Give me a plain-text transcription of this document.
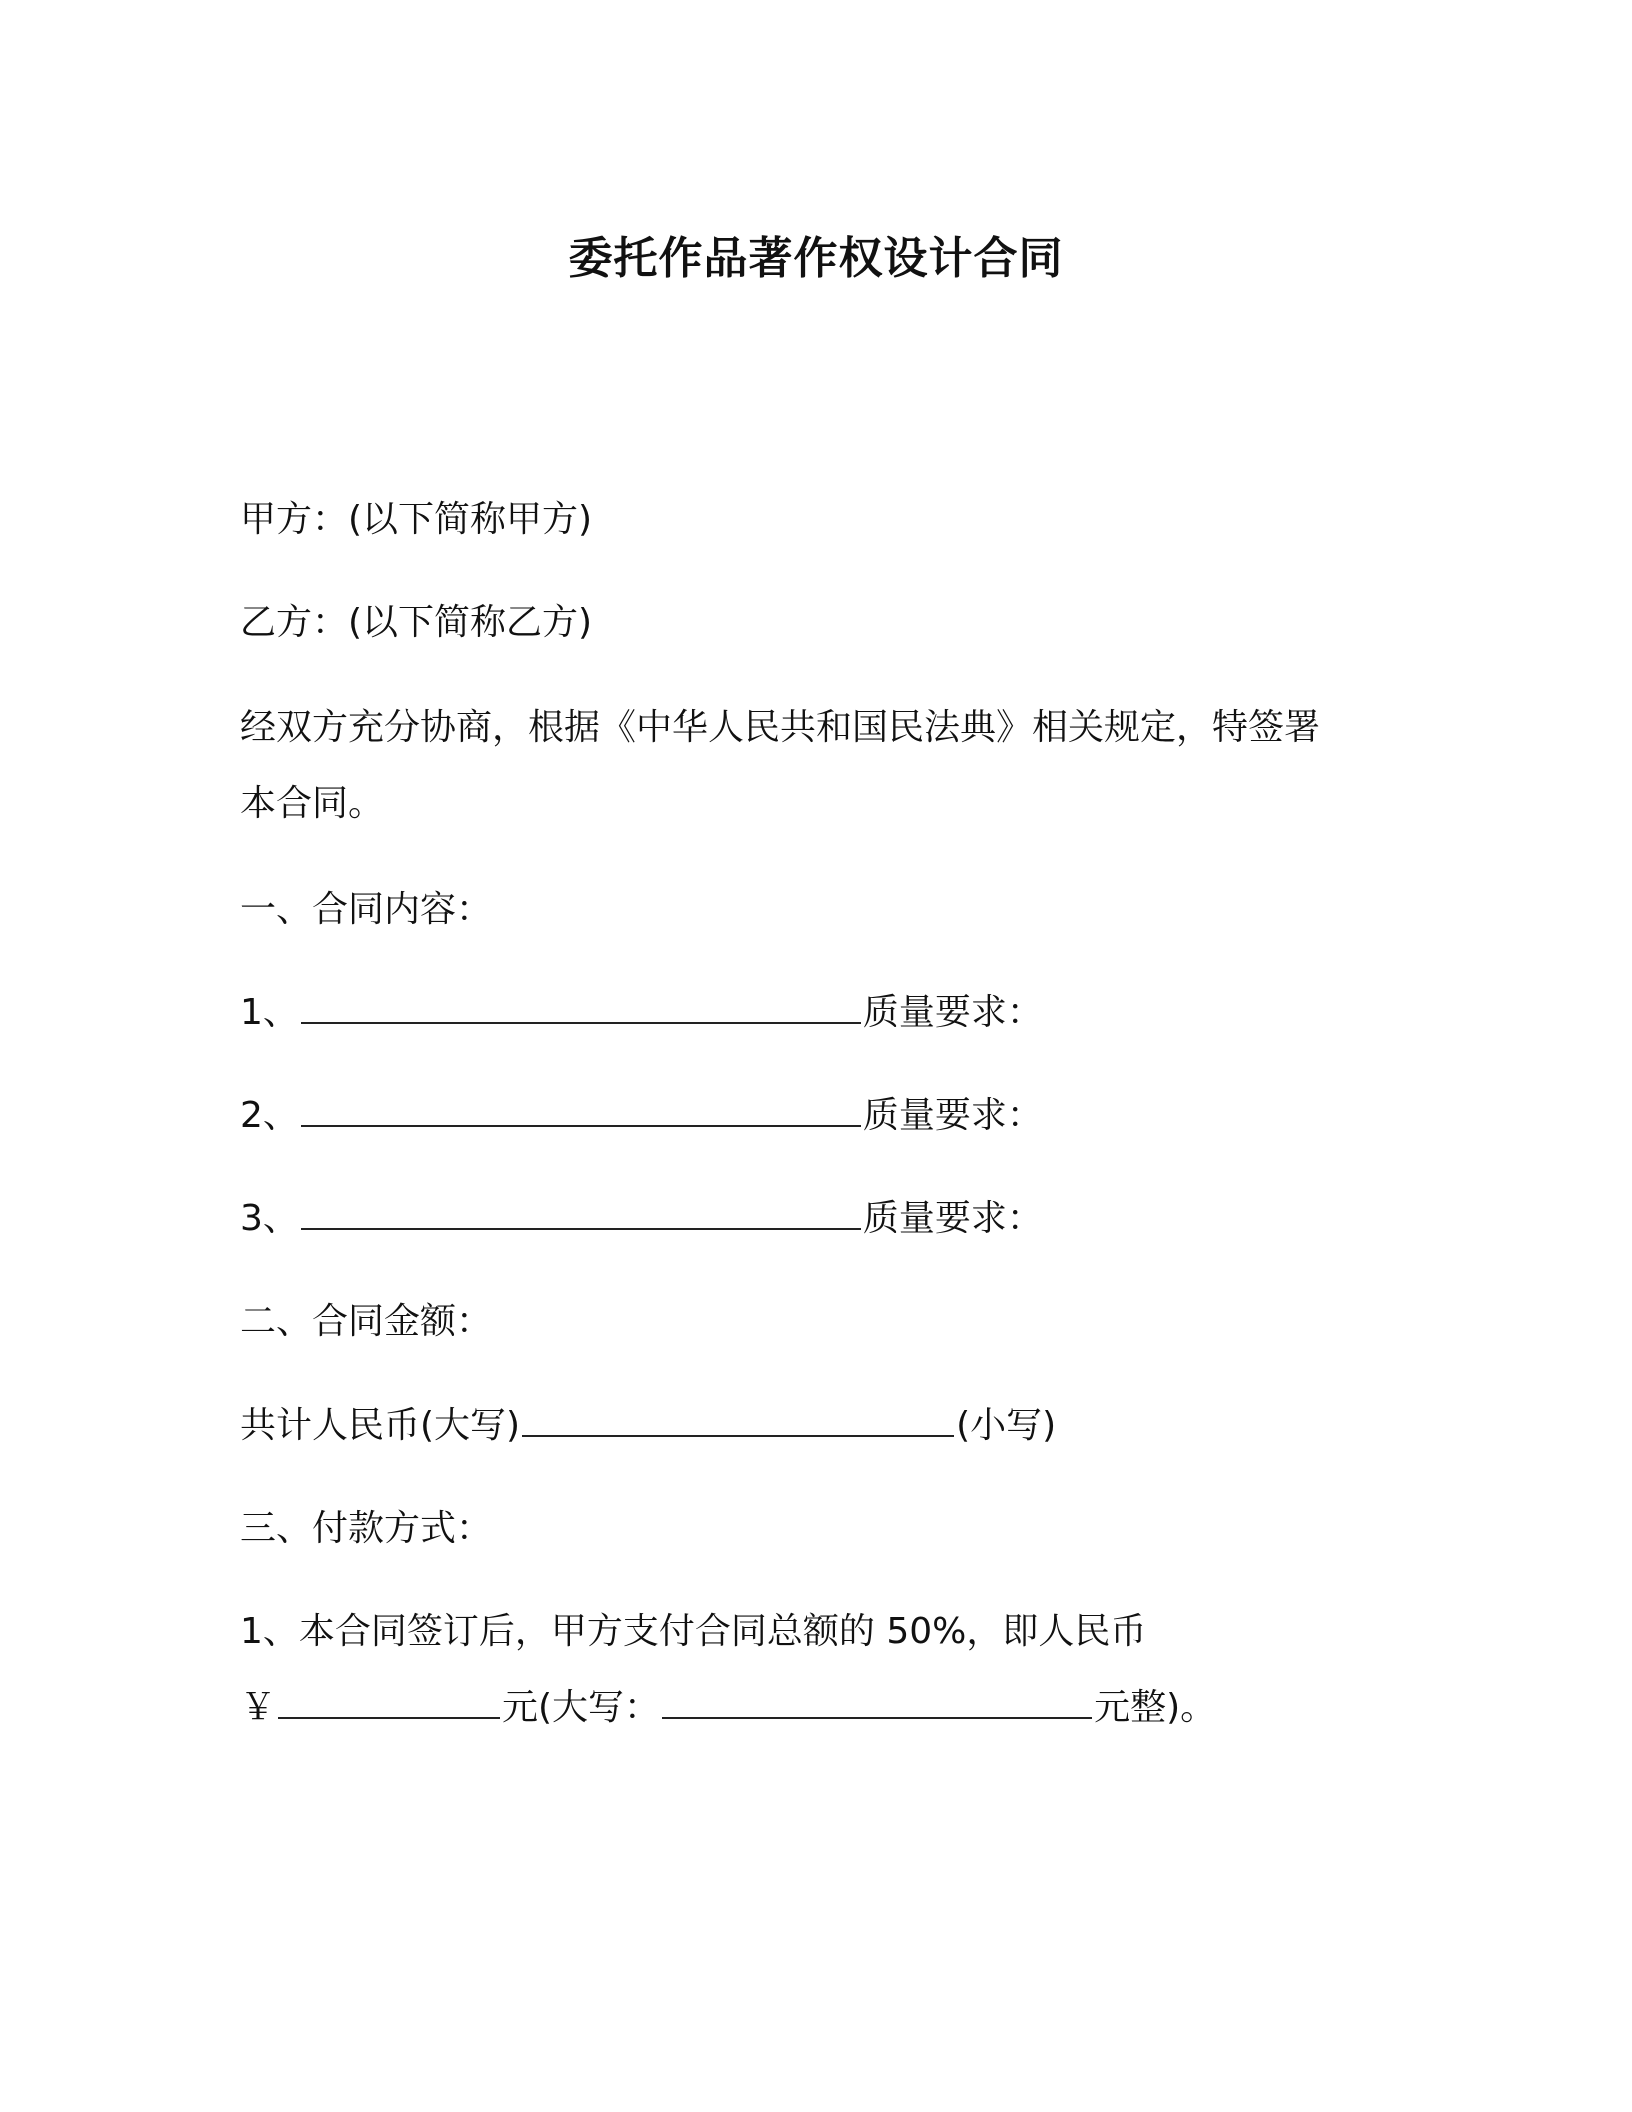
委托作品著作权设计合同
甲方：(以下简称甲方)
乙方：(以下简称乙方)
经双方充分协商，根据《中华人民共和国民法典》相关规定，特签署
本合同。
一、合同内容：
1、	质量要求：
2、	质量要求：
3、	质量要求：
二、合同金额：
共计人民币(大写)	(小写)
三、付款方式：
1、本合同签订后，甲方支付合同总额的 50%，即人民币
￥	元(大写：	元整)。
